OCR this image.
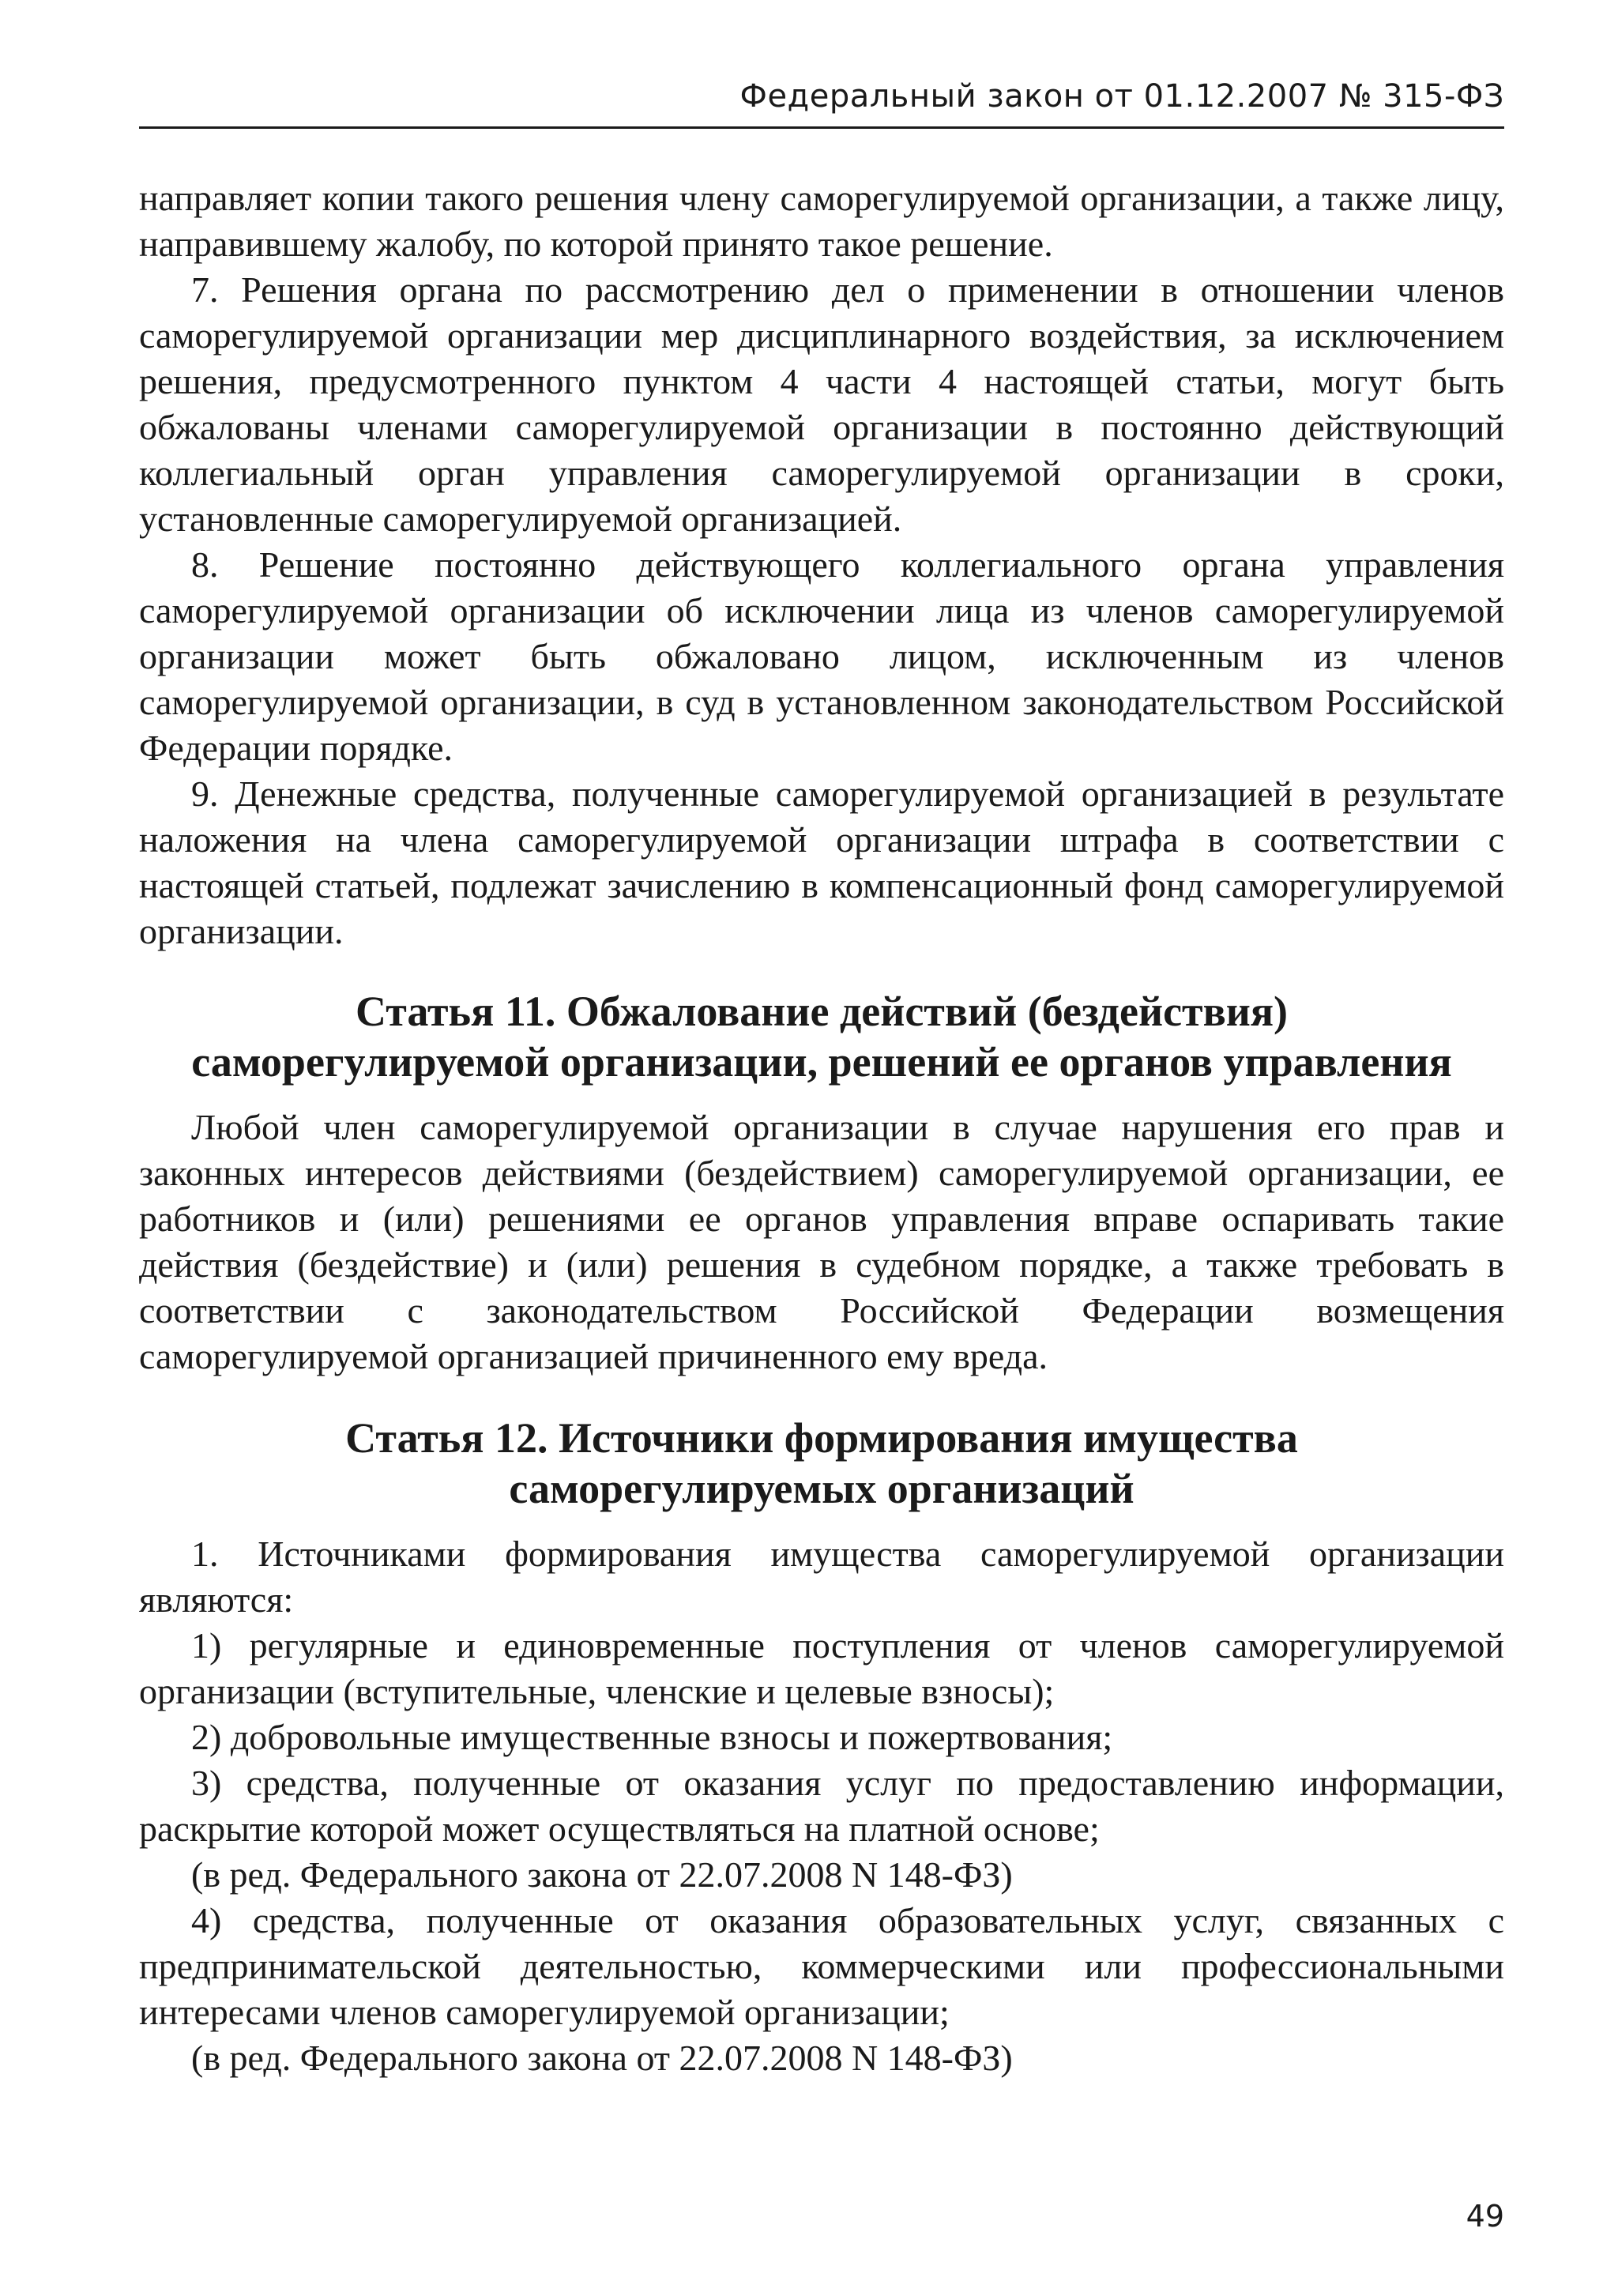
Федеральный закон от 01.12.2007 № 315-ФЗ

направляет копии такого решения члену саморегулируемой организации, а также лицу, направившему жалобу, по которой принято такое решение.

7. Решения органа по рассмотрению дел о применении в отношении членов саморегулируемой организации мер дисциплинарного воздействия, за исключением решения, предусмотренного пунктом 4 части 4 настоящей статьи, могут быть обжалованы членами саморегулируемой организации в постоянно действующий коллегиальный орган управления саморегулируемой организации в сроки, установленные саморегулируемой организацией.

8. Решение постоянно действующего коллегиального органа управления саморегулируемой организации об исключении лица из членов саморегулируемой организации может быть обжаловано лицом, исключенным из членов саморегулируемой организации, в суд в установленном законодательством Российской Федерации порядке.

9. Денежные средства, полученные саморегулируемой организацией в результате наложения на члена саморегулируемой организации штрафа в соответствии с настоящей статьей, подлежат зачислению в компенсационный фонд саморегулируемой организации.

Статья 11. Обжалование действий (бездействия)
саморегулируемой организации, решений ее органов управления

Любой член саморегулируемой организации в случае нарушения его прав и законных интересов действиями (бездействием) саморегулируемой организации, ее работников и (или) решениями ее органов управления вправе оспаривать такие действия (бездействие) и (или) решения в судебном порядке, а также требовать в соответствии с законодательством Российской Федерации возмещения саморегулируемой организацией причиненного ему вреда.

Статья 12. Источники формирования имущества
саморегулируемых организаций

1. Источниками формирования имущества саморегулируемой организации являются:

1) регулярные и единовременные поступления от членов саморегулируемой организации (вступительные, членские и целевые взносы);

2) добровольные имущественные взносы и пожертвования;

3) средства, полученные от оказания услуг по предоставлению информации, раскрытие которой может осуществляться на платной основе;

(в ред. Федерального закона от 22.07.2008 N 148-ФЗ)

4) средства, полученные от оказания образовательных услуг, связанных с предпринимательской деятельностью, коммерческими или профессиональными интересами членов саморегулируемой организации;

(в ред. Федерального закона от 22.07.2008 N 148-ФЗ)

49
